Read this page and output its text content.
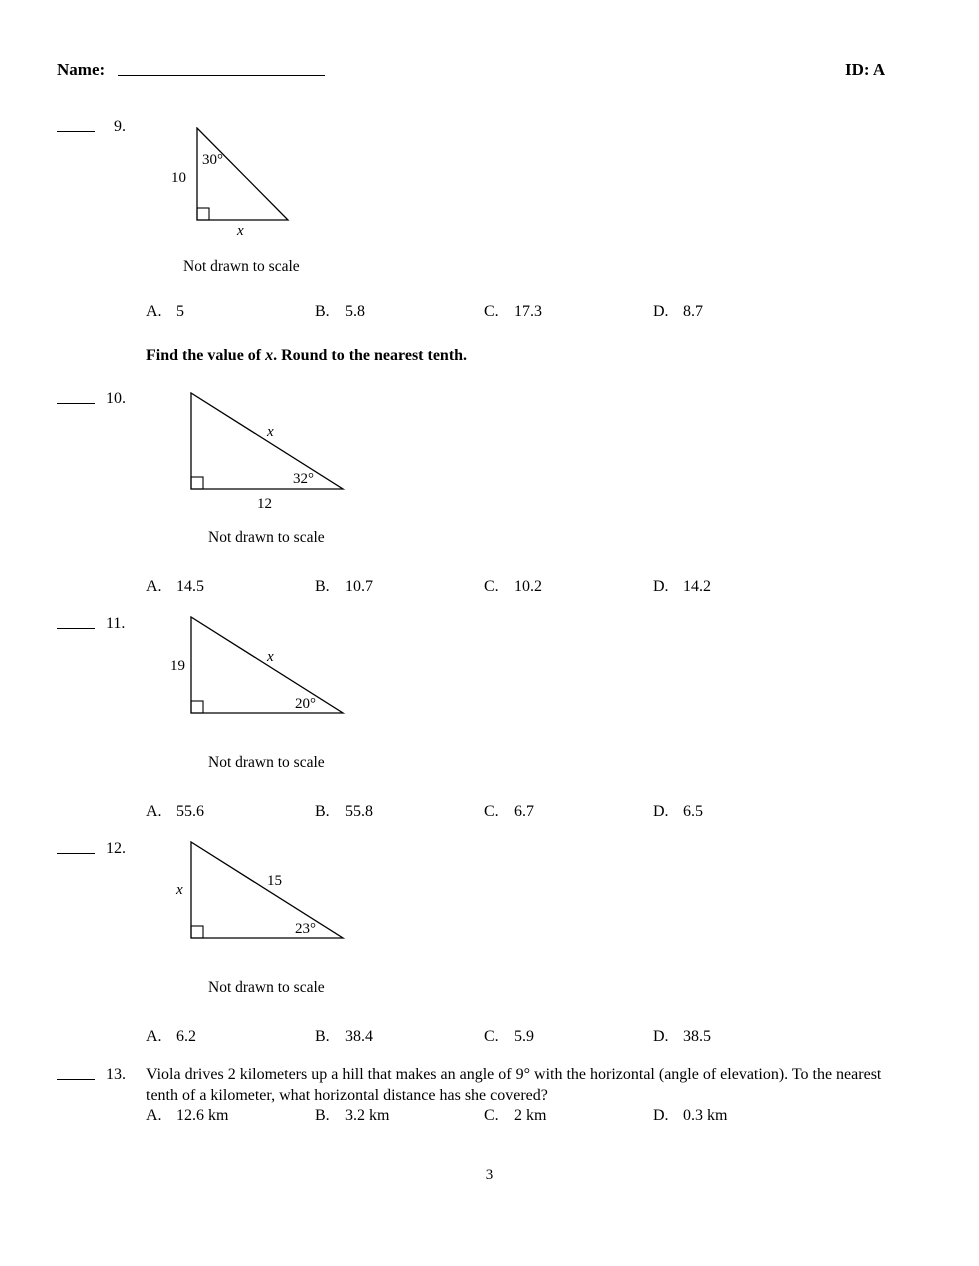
Name:	ID: A
9.
30°
10
x
Not drawn to scale
A. 5	B. 5.8	C. 17.3	D. 8.7
Find the value of x. Round to the nearest tenth.
10.
x
32°
12
Not drawn to scale
A. 14.5	B. 10.7	C. 10.2	D. 14.2
11.
19
x
20°
Not drawn to scale
A. 55.6	B. 55.8	C. 6.7	D. 6.5
12.
x
15
23°
Not drawn to scale
A. 6.2	B. 38.4	C. 5.9	D. 38.5
13. Viola drives 2 kilometers up a hill that makes an angle of 9° with the horizontal (angle of elevation). To the nearest tenth of a kilometer, what horizontal distance has she covered?
A. 12.6 km	B. 3.2 km	C. 2 km	D. 0.3 km
3
